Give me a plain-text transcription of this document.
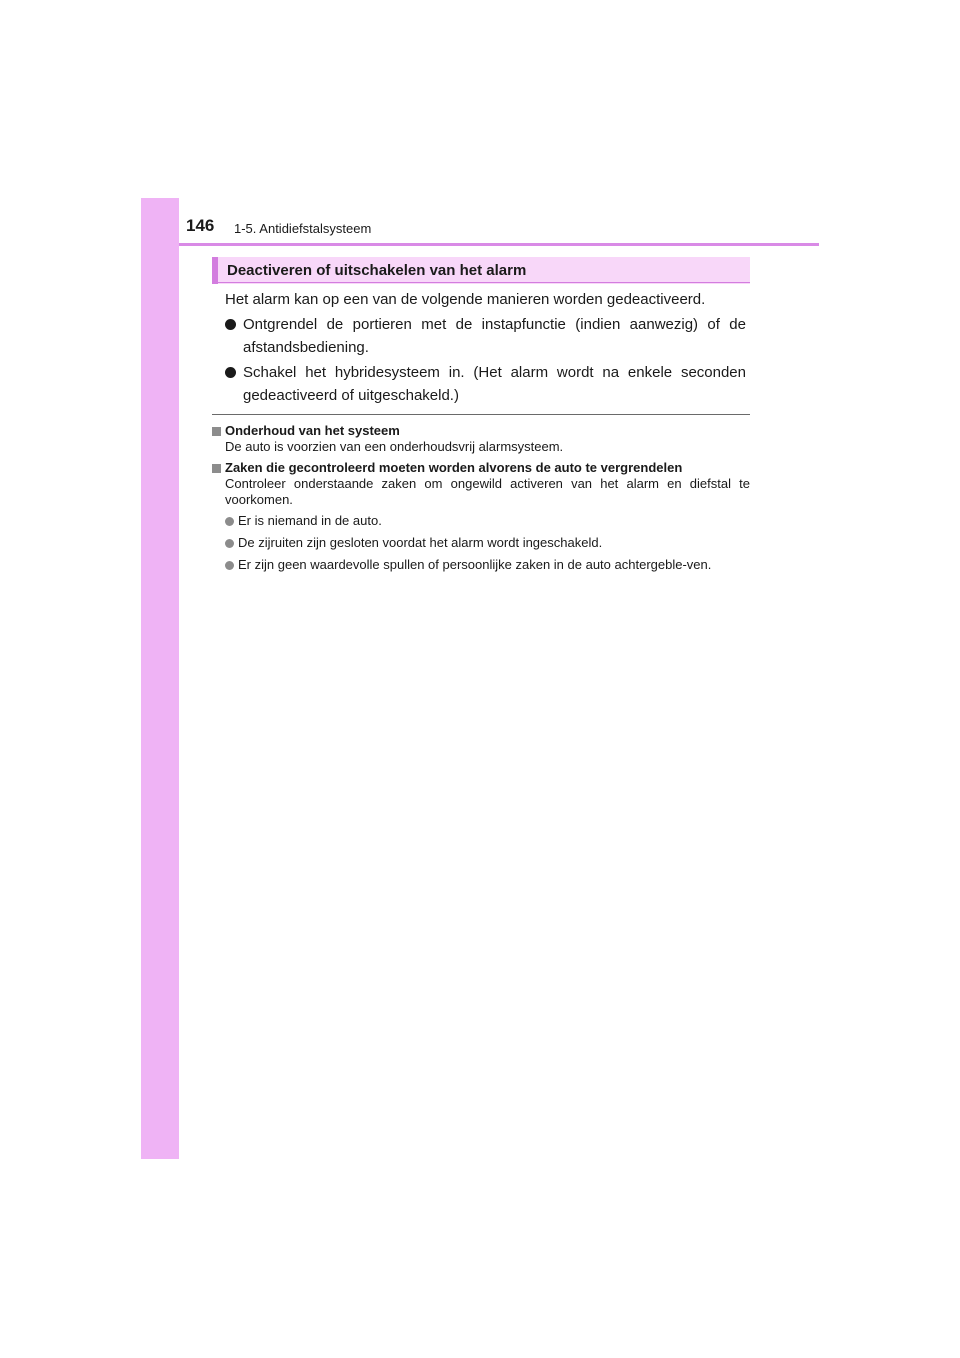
146 1-5. Antidiefstalsysteem
Deactiveren of uitschakelen van het alarm

Het alarm kan op een van de volgende manieren worden gedeactiveerd.

Ontgrendel de portieren met de instapfunctie (indien aanwezig) of de afstandsbediening.
Schakel het hybridesysteem in. (Het alarm wordt na enkele seconden gedeactiveerd of uitgeschakeld.)
Onderhoud van het systeem

De auto is voorzien van een onderhoudsvrij alarmsysteem.

Zaken die gecontroleerd moeten worden alvorens de auto te vergrendelen

Controleer onderstaande zaken om ongewild activeren van het alarm en diefstal te voorkomen.

Er is niemand in de auto.
De zijruiten zijn gesloten voordat het alarm wordt ingeschakeld.
Er zijn geen waardevolle spullen of persoonlijke zaken in de auto achtergeble-ven.
